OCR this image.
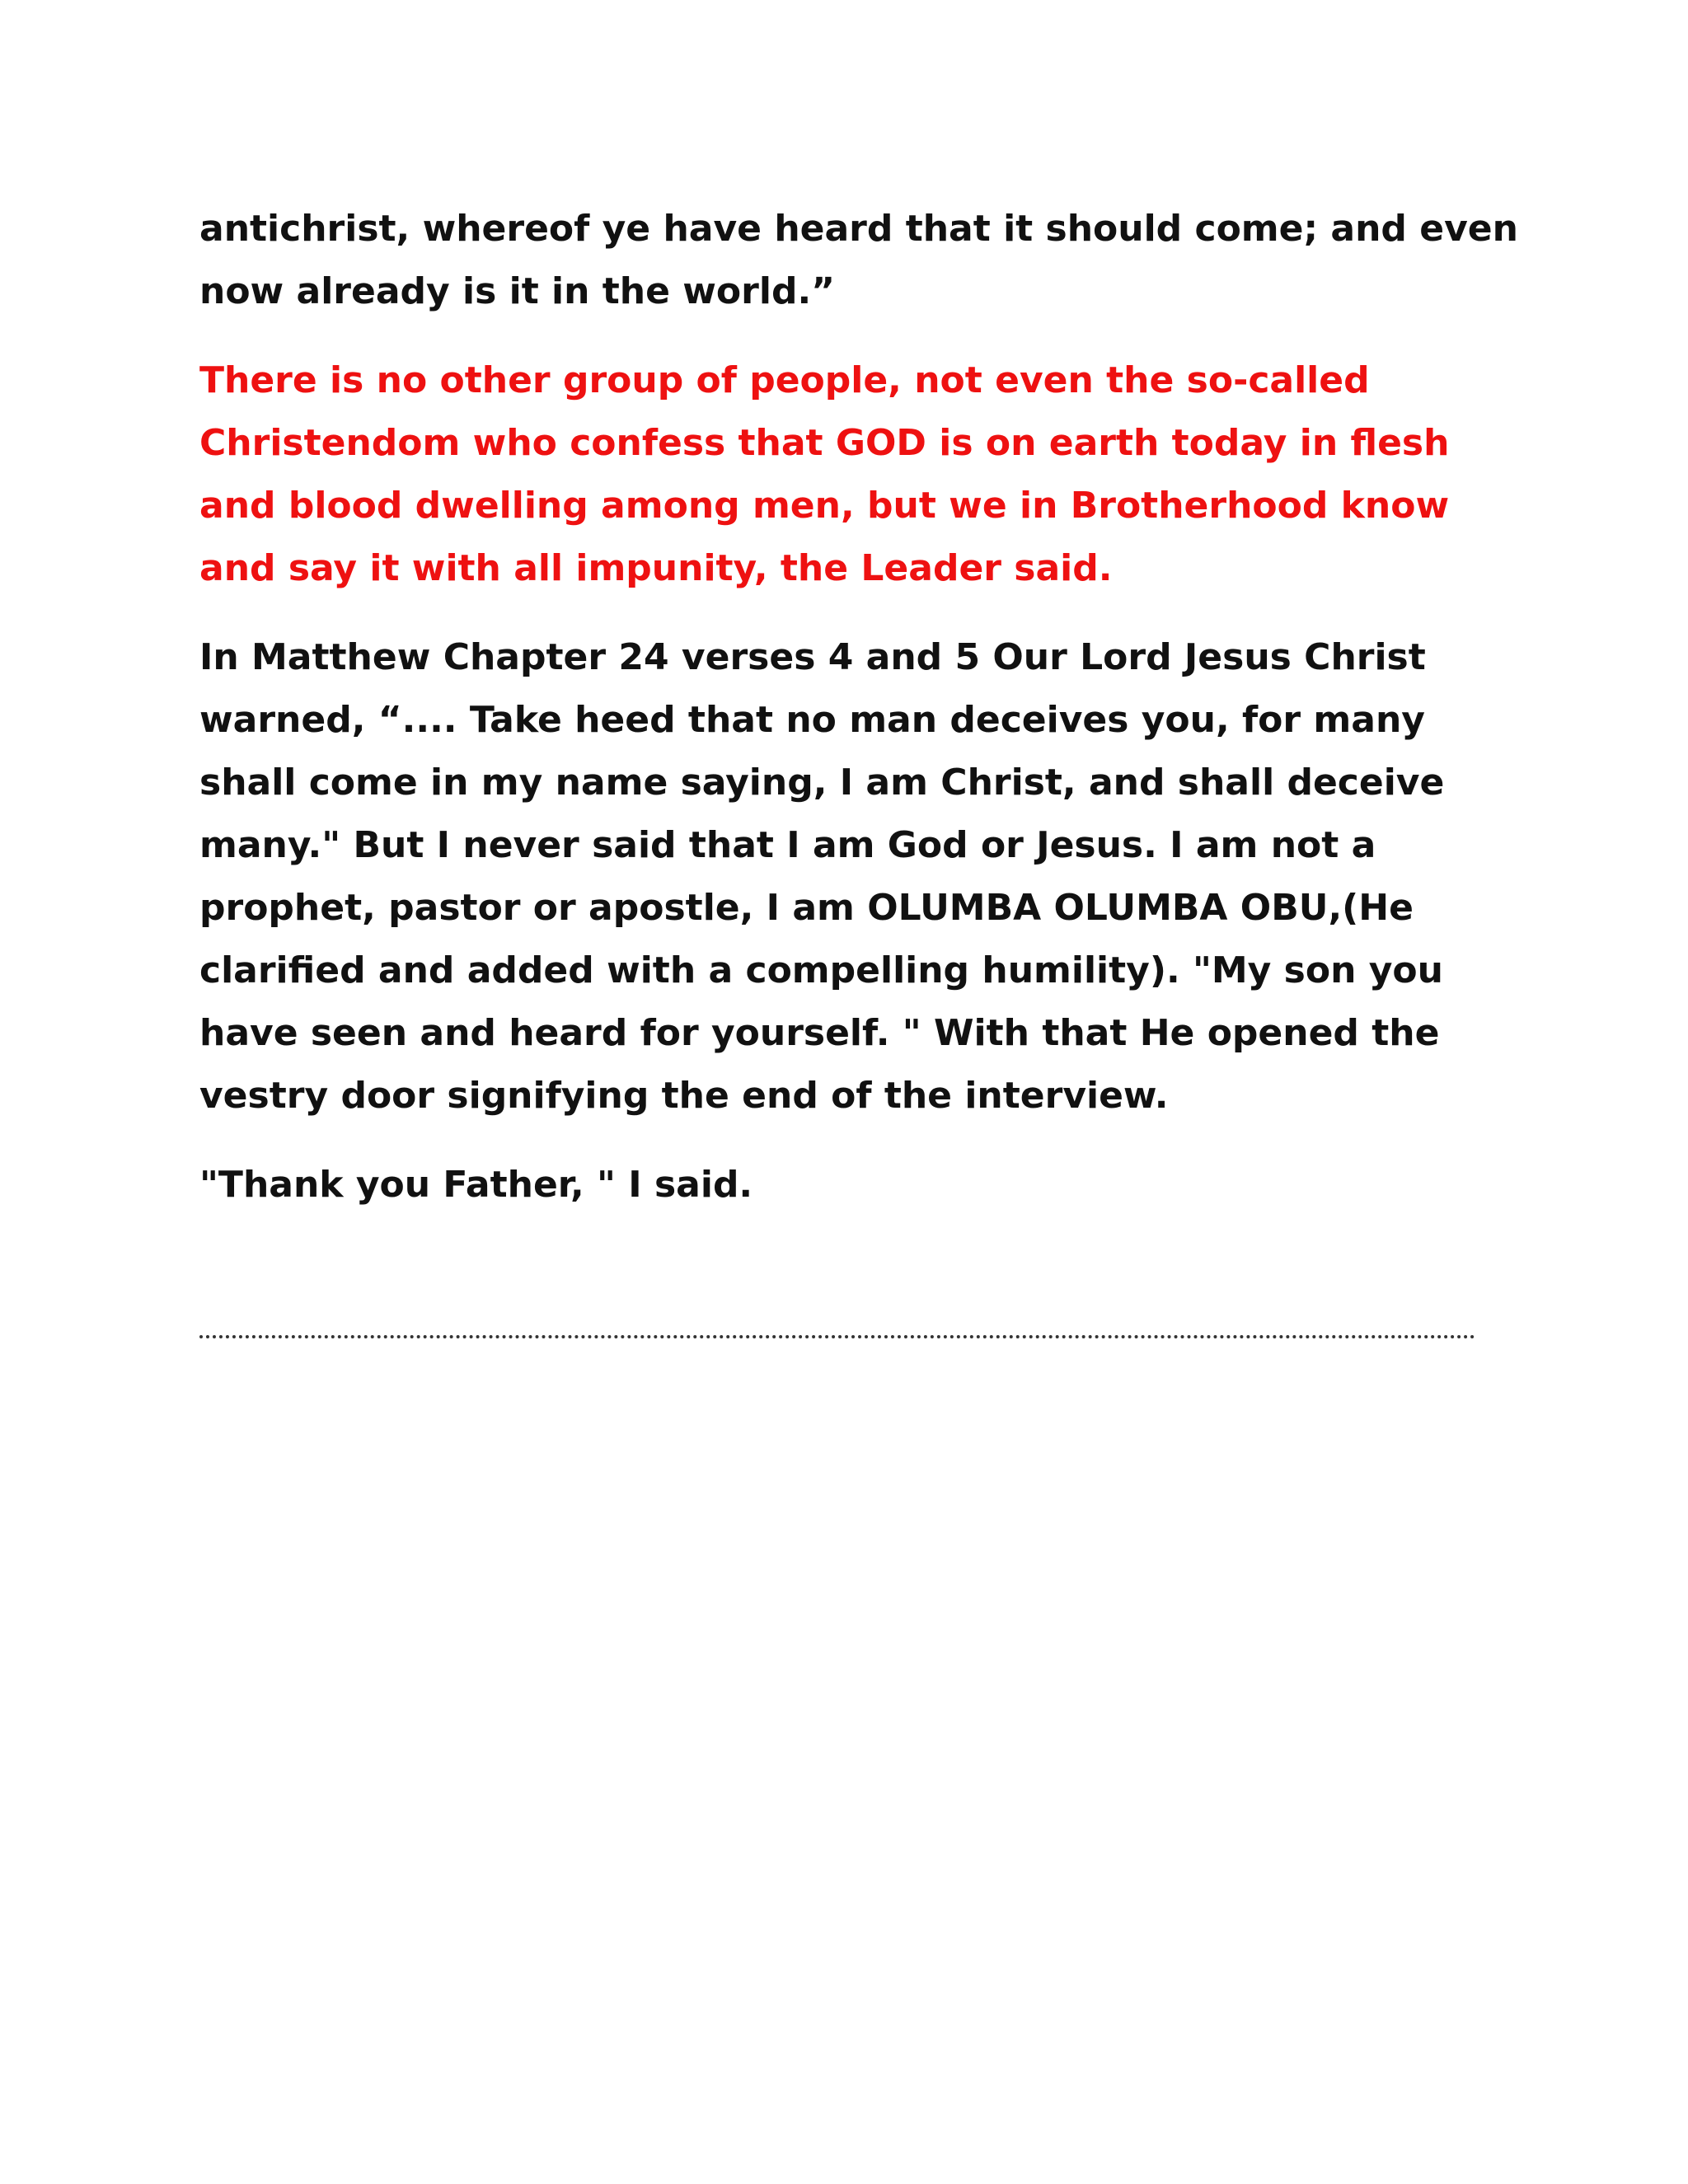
antichrist, whereof ye have heard that it should come; and even now already is it in the world.”

There is no other group of people, not even the so-called Christendom who confess that GOD is on earth today in flesh and blood dwelling among men, but we in Brotherhood know and say it with all impunity, the Leader said.

In Matthew Chapter 24 verses 4 and 5 Our Lord Jesus Christ warned, “.... Take heed that no man deceives you, for many shall come in my name saying, I am Christ, and shall deceive many." But I never said that I am God or Jesus. I am not a prophet, pastor or apostle, I am OLUMBA OLUMBA OBU,(He clarified and added with a compelling humility). "My son you have seen and heard for yourself. " With that He opened the vestry door signifying the end of the interview.

"Thank you Father, " I said.
